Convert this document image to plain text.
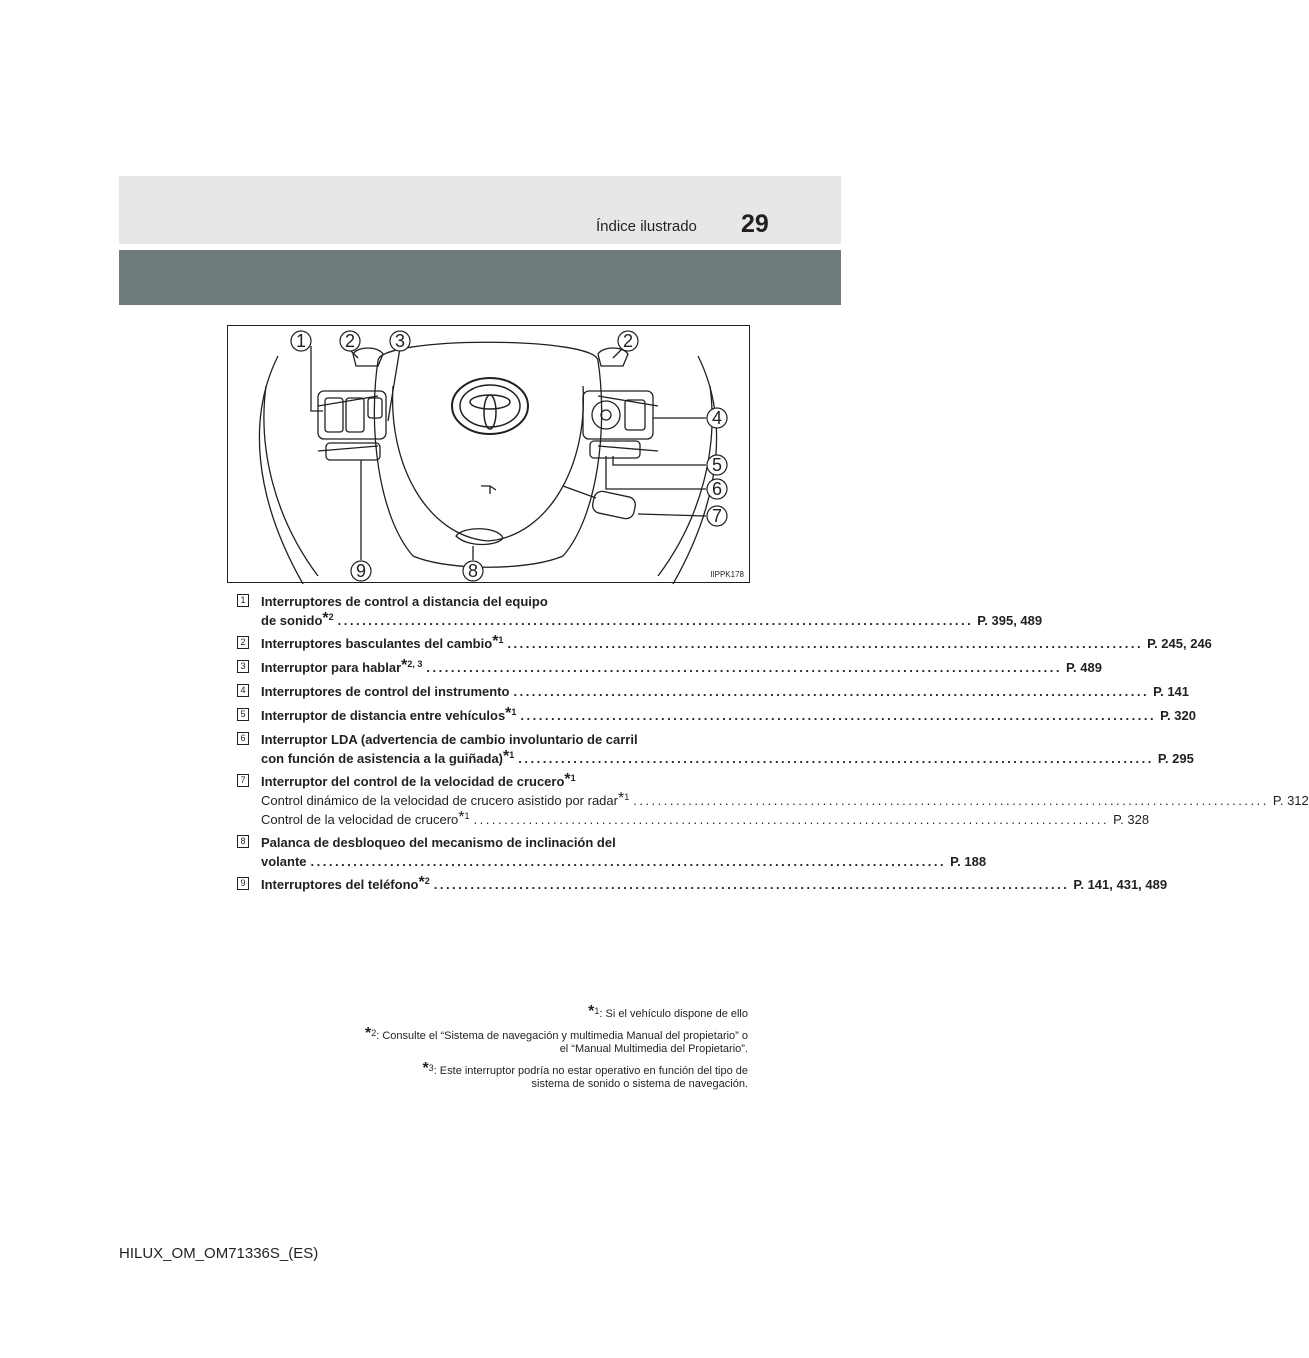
Índice ilustrado 29
1 2 3	2
4
5
6
7
8
9	IIPPK178
1 Interruptores de control a distancia del equipo
de sonido*$^2$ ........................................................................................................ P. 395, 489
2 Interruptores basculantes del cambio*$^1$ ........................................................................................................ P. 245, 246
3 Interruptor para hablar*$^{2, 3}$ ........................................................................................................ P. 489
4 Interruptores de control del instrumento ........................................................................................................ P. 141
5 Interruptor de distancia entre vehículos*$^1$ ........................................................................................................ P. 320
6 Interruptor LDA (advertencia de cambio involuntario de carril
con función de asistencia a la guiñada)*$^1$ ........................................................................................................ P. 295
7 Interruptor del control de la velocidad de crucero*$^1$
Control dinámico de la velocidad de crucero asistido por radar*$^1$ ........................................................................................................ P. 312
Control de la velocidad de crucero*$^1$ ........................................................................................................ P. 328
8 Palanca de desbloqueo del mecanismo de inclinación del
volante ........................................................................................................ P. 188
9 Interruptores del teléfono*$^2$ ........................................................................................................ P. 141, 431, 489
*$^1$: Si el vehículo dispone de ello
*$^2$: Consulte el “Sistema de navegación y multimedia Manual del propietario” o
el “Manual Multimedia del Propietario”.
*$^3$: Este interruptor podría no estar operativo en función del tipo de
sistema de sonido o sistema de navegación.
HILUX_OM_OM71336S_(ES)
